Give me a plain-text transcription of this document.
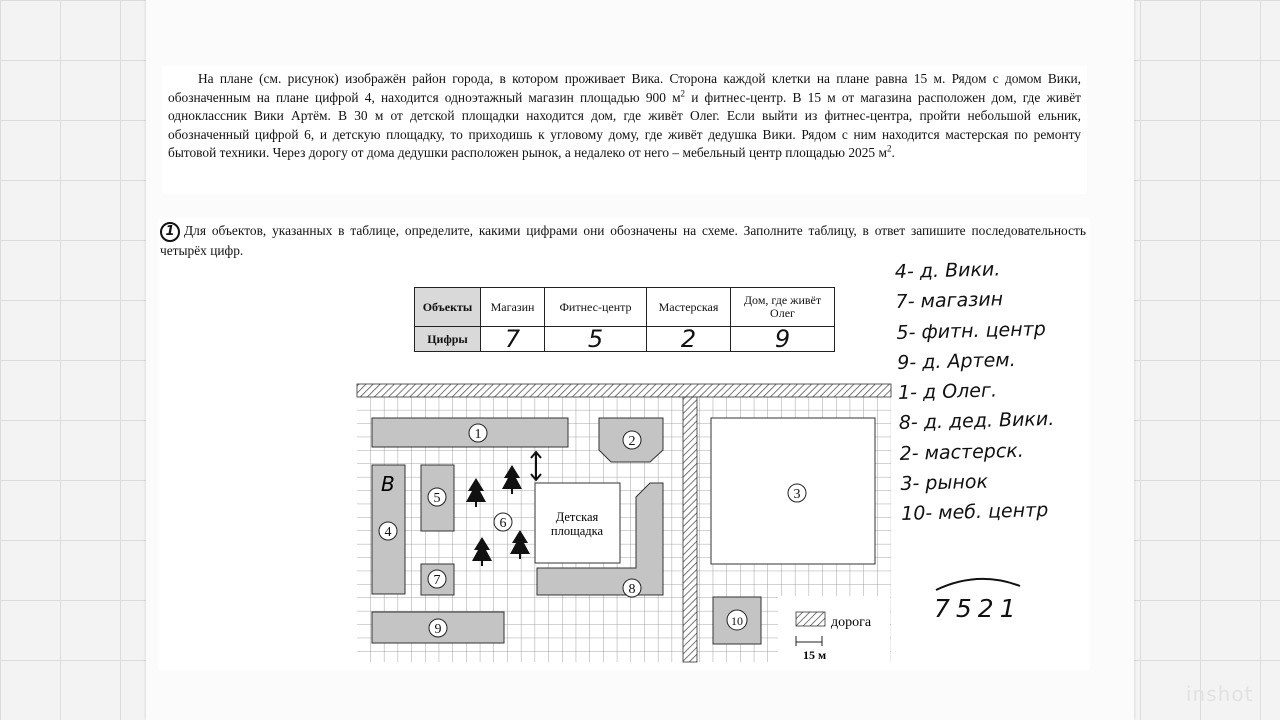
На плане (см. рисунок) изображён район города, в котором проживает Вика. Сторона каждой клетки на плане равна 15 м. Рядом с домом Вики, обозначенным на плане цифрой 4, находится одноэтажный магазин площадью 900 $м^2$ и фитнес-центр. В 15 м от магазина расположен дом, где живёт одноклассник Вики Артём. В 30 м от детской площадки находится дом, где живёт Олег. Если выйти из фитнес-центра, пройти небольшой ельник, обозначенный цифрой 6, и детскую площадку, то приходишь к угловому дому, где живёт дедушка Вики. Рядом с ним находится мастерская по ремонту бытовой техники. Через дорогу от дома дедушки расположен рынок, а недалеко от него – мебельный центр площадью 2025 $м^2$.
1 Для объектов, указанных в таблице, определите, какими цифрами они обозначены на схеме. Заполните таблицу, в ответ запишите последовательность четырёх цифр.
Объекты	Магазин	Фитнес-центр	Мастерская	Дом, где живёт Олег
Цифры	7	5	2	9
дорога
15 м
1	2
3
4
5
6
7
8
9
10
Детская
площадка
В
4- д. Вики.
7- магазин
5- фитн. центр
9- д. Артем.
1- д Олег.
8- д. дед. Вики.
2- мастерск.
3- рынок
10- меб. центр
7521
inshot
